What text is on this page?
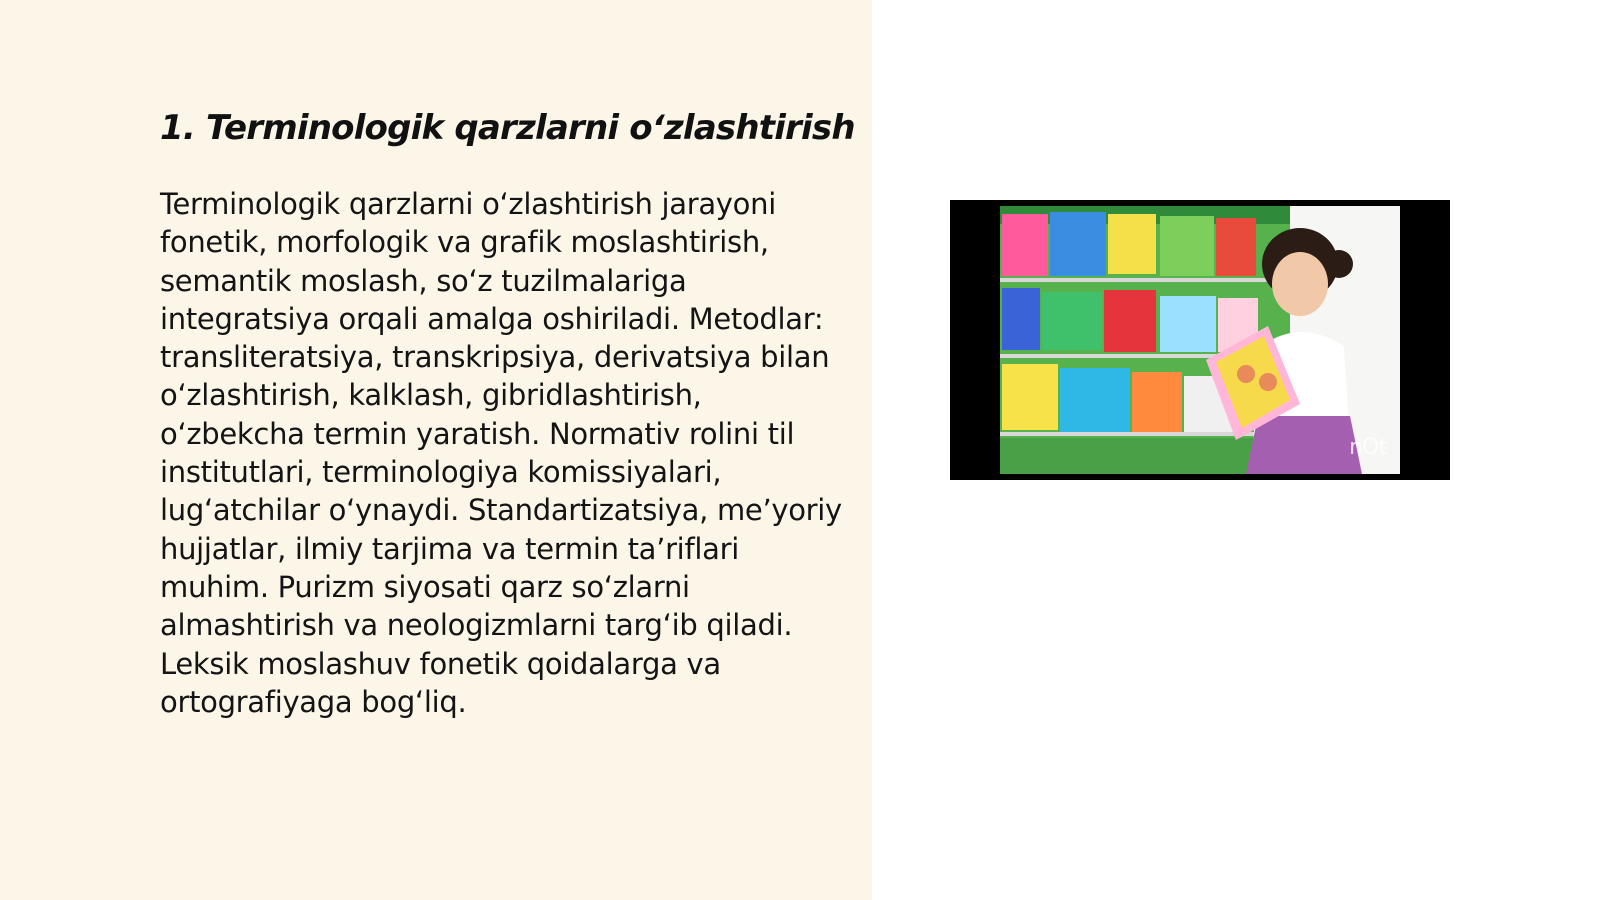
1. Terminologik qarzlarni o‘zlashtirish

Terminologik qarzlarni o‘zlashtirish jarayoni fonetik, morfologik va grafik moslashtirish, semantik moslash, so‘z tuzilmalariga integratsiya orqali amalga oshiriladi. Metodlar: transliteratsiya, transkripsiya, derivatsiya bilan o‘zlashtirish, kalklash, gibridlashtirish, o‘zbekcha termin yaratish. Normativ rolini til institutlari, terminologiya komissiyalari, lug‘atchilar o‘ynaydi. Standartizatsiya, me’yoriy hujjatlar, ilmiy tarjima va termin ta’riflari muhim. Purizm siyosati qarz so‘zlarni almashtirish va neologizmlarni targ‘ib qiladi. Leksik moslashuv fonetik qoidalarga va ortografiyaga bog‘liq.

nOt
